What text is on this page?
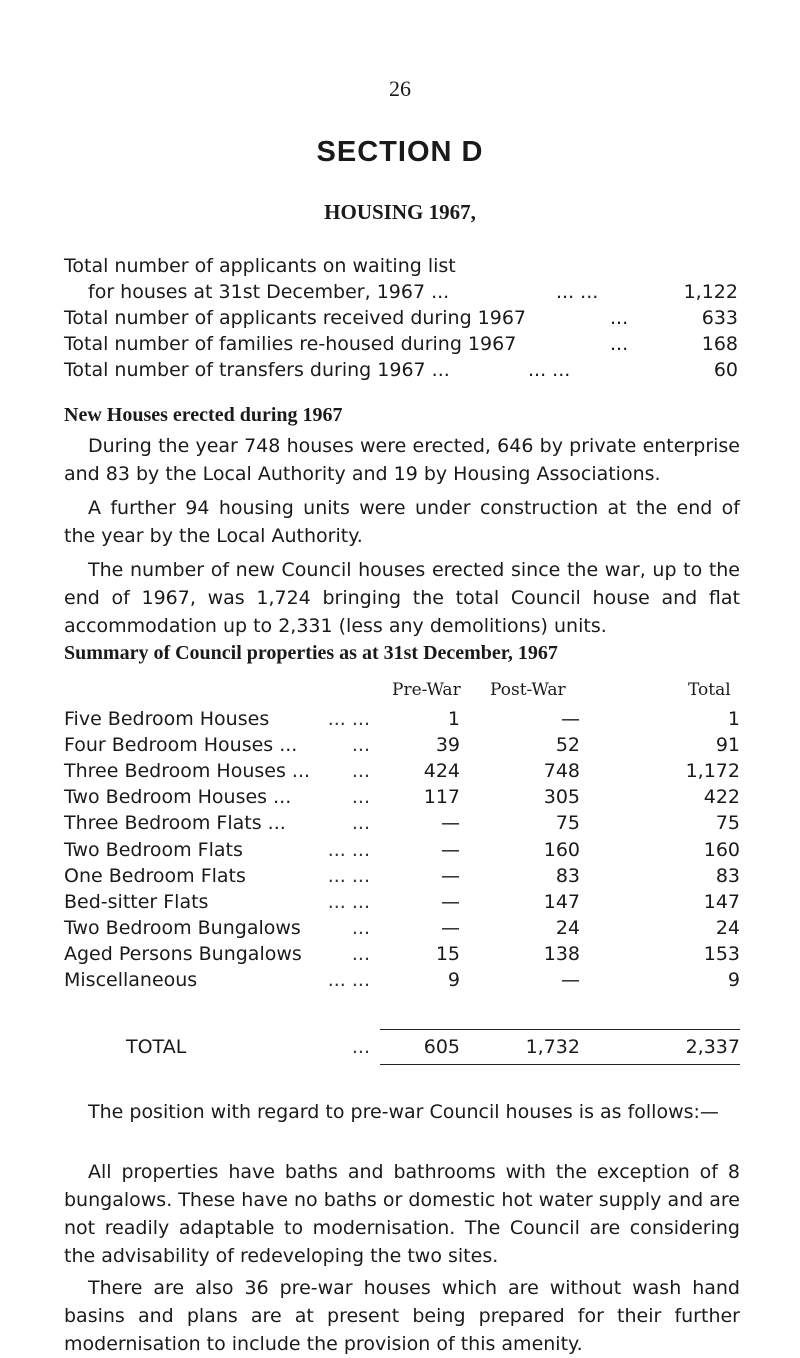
26
SECTION D
HOUSING 1967,
Total number of applicants on waiting list
for houses at 31st December, 1967 ...	... ...	1,122
Total number of applicants received during 1967	...	633
Total number of families re-housed during 1967	...	168
Total number of transfers during 1967 ...	... ...	60
New Houses erected during 1967
During the year 748 houses were erected, 646 by private enterprise and 83 by the Local Authority and 19 by Housing Associations.
A further 94 housing units were under construction at the end of the year by the Local Authority.
The number of new Council houses erected since the war, up to the end of 1967, was 1,724 bringing the total Council house and flat accommodation up to 2,331 (less any demolitions) units.
Summary of Council properties as at 31st December, 1967
Pre-War Post-War	Total
Five Bedroom Houses	... ...	1	—	1
Four Bedroom Houses ...	...	39	52	91
Three Bedroom Houses ...	...	424	748	1,172
Two Bedroom Houses ...	...	117	305	422
Three Bedroom Flats ...	...	—	75	75
Two Bedroom Flats	... ...	—	160	160
One Bedroom Flats	... ...	—	83	83
Bed-sitter Flats	... ...	—	147	147
Two Bedroom Bungalows	...	—	24	24
Aged Persons Bungalows	...	15	138	153
Miscellaneous	... ...	9	—	9
TOTAL	...	605	1,732	2,337
The position with regard to pre-war Council houses is as follows:—
All properties have baths and bathrooms with the exception of 8 bungalows. These have no baths or domestic hot water supply and are not readily adaptable to modernisation. The Council are considering the advisability of redeveloping the two sites.
There are also 36 pre-war houses which are without wash hand basins and plans are at present being prepared for their further modernisation to include the provision of this amenity.
